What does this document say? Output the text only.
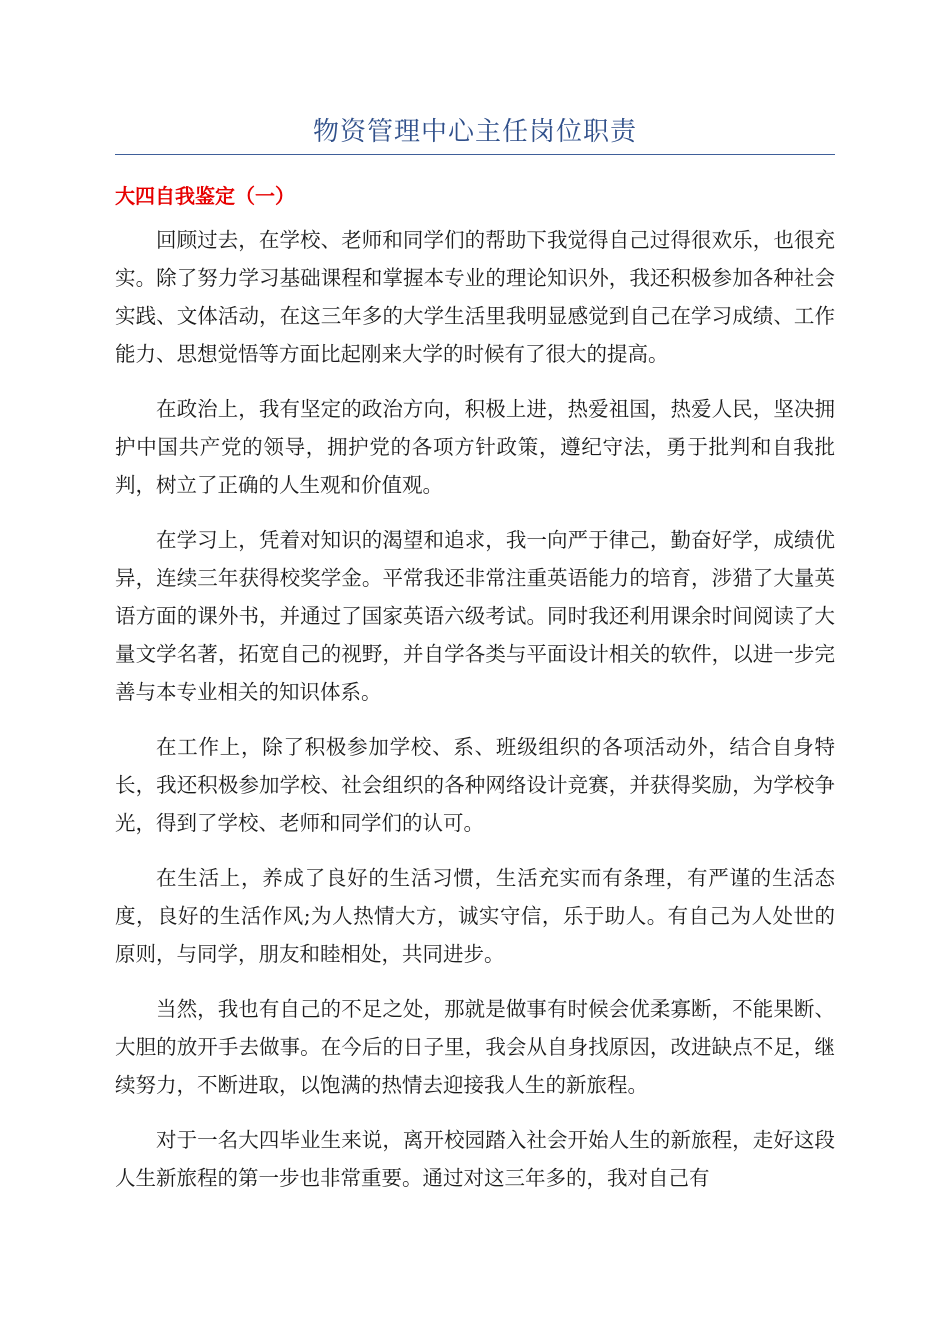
物资管理中心主任岗位职责
大四自我鉴定（一）

回顾过去，在学校、老师和同学们的帮助下我觉得自己过得很欢乐，也很充实。除了努力学习基础课程和掌握本专业的理论知识外，我还积极参加各种社会实践、文体活动，在这三年多的大学生活里我明显感觉到自己在学习成绩、工作能力、思想觉悟等方面比起刚来大学的时候有了很大的提高。

在政治上，我有坚定的政治方向，积极上进，热爱祖国，热爱人民，坚决拥护中国共产党的领导，拥护党的各项方针政策，遵纪守法，勇于批判和自我批判，树立了正确的人生观和价值观。

在学习上，凭着对知识的渴望和追求，我一向严于律己，勤奋好学，成绩优异，连续三年获得校奖学金。平常我还非常注重英语能力的培育，涉猎了大量英语方面的课外书，并通过了国家英语六级考试。同时我还利用课余时间阅读了大量文学名著，拓宽自己的视野，并自学各类与平面设计相关的软件，以进一步完善与本专业相关的知识体系。

在工作上，除了积极参加学校、系、班级组织的各项活动外，结合自身特长，我还积极参加学校、社会组织的各种网络设计竞赛，并获得奖励，为学校争光，得到了学校、老师和同学们的认可。

在生活上，养成了良好的生活习惯，生活充实而有条理，有严谨的生活态度，良好的生活作风;为人热情大方，诚实守信，乐于助人。有自己为人处世的原则，与同学，朋友和睦相处，共同进步。

当然，我也有自己的不足之处，那就是做事有时候会优柔寡断，不能果断、大胆的放开手去做事。在今后的日子里，我会从自身找原因，改进缺点不足，继续努力，不断进取，以饱满的热情去迎接我人生的新旅程。

对于一名大四毕业生来说，离开校园踏入社会开始人生的新旅程，走好这段人生新旅程的第一步也非常重要。通过对这三年多的，我对自己有
